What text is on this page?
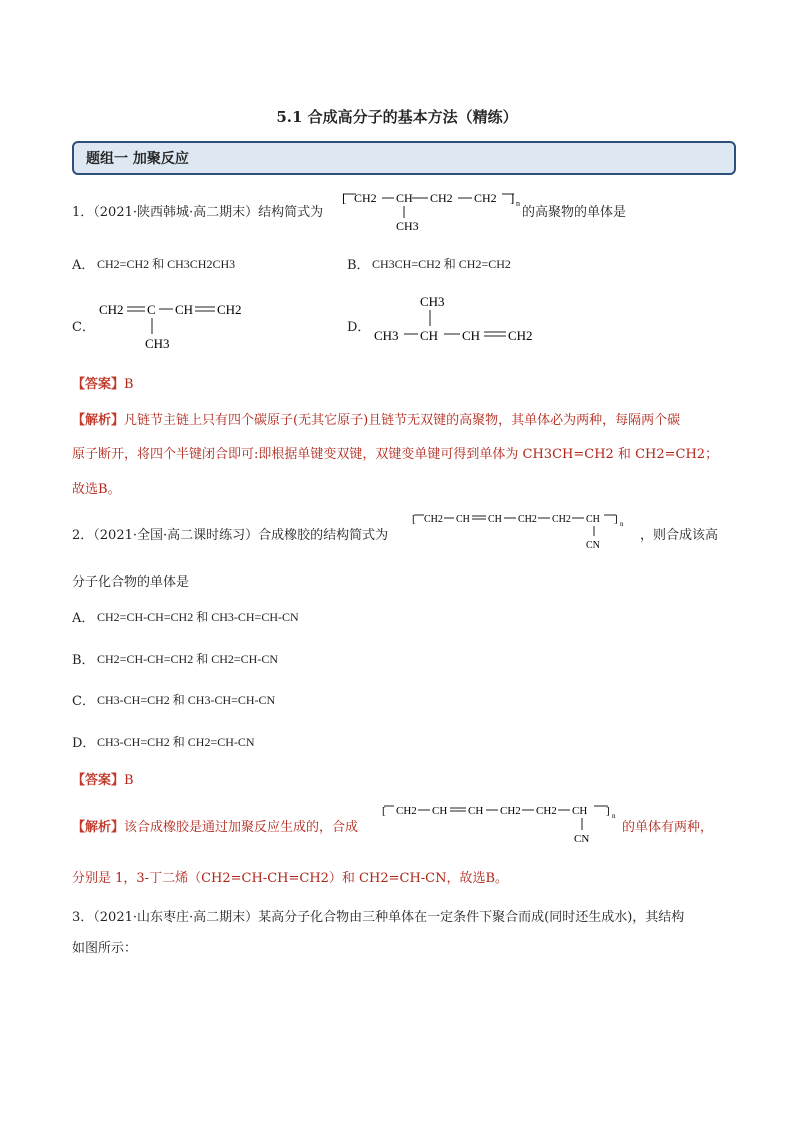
5.1 合成高分子的基本方法（精练）
题组一 加聚反应
1．（2021·陕西韩城·高二期末）结构简式为
[ CH2 CH CH2 CH2 ] n
CH3
的高聚物的单体是
A． CH2=CH2 和 CH3CH2CH3	B． CH3CH=CH2 和 CH2=CH2
C．
CH2 C CH CH2
CH3
D．
CH3
CH3 CH CH CH2
【答案】B
【解析】凡链节主链上只有四个碳原子(无其它原子)且链节无双键的高聚物，其单体必为两种，每隔两个碳
原子断开，将四个半键闭合即可:即根据单键变双键，双键变单键可得到单体为 CH3CH=CH2 和 CH2=CH2；
故选B。
2．（2021·全国·高二课时练习）合成橡胶的结构简式为
[ CH2 CH CH CH2 CH2 CH ] n
CN
，则合成该高
分子化合物的单体是
A． CH2=CH-CH=CH2 和 CH3-CH=CH-CN
B． CH2=CH-CH=CH2 和 CH2=CH-CN
C． CH3-CH=CH2 和 CH3-CH=CH-CN
D． CH3-CH=CH2 和 CH2=CH-CN
【答案】B
【解析】该合成橡胶是通过加聚反应生成的，合成
[ CH2 CH CH CH2 CH2 CH ] n
CN
的单体有两种，
分别是 1，3-丁二烯（CH2=CH-CH=CH2）和 CH2=CH-CN，故选B。
3．（2021·山东枣庄·高二期末）某高分子化合物由三种单体在一定条件下聚合而成(同时还生成水)，其结构
如图所示：
